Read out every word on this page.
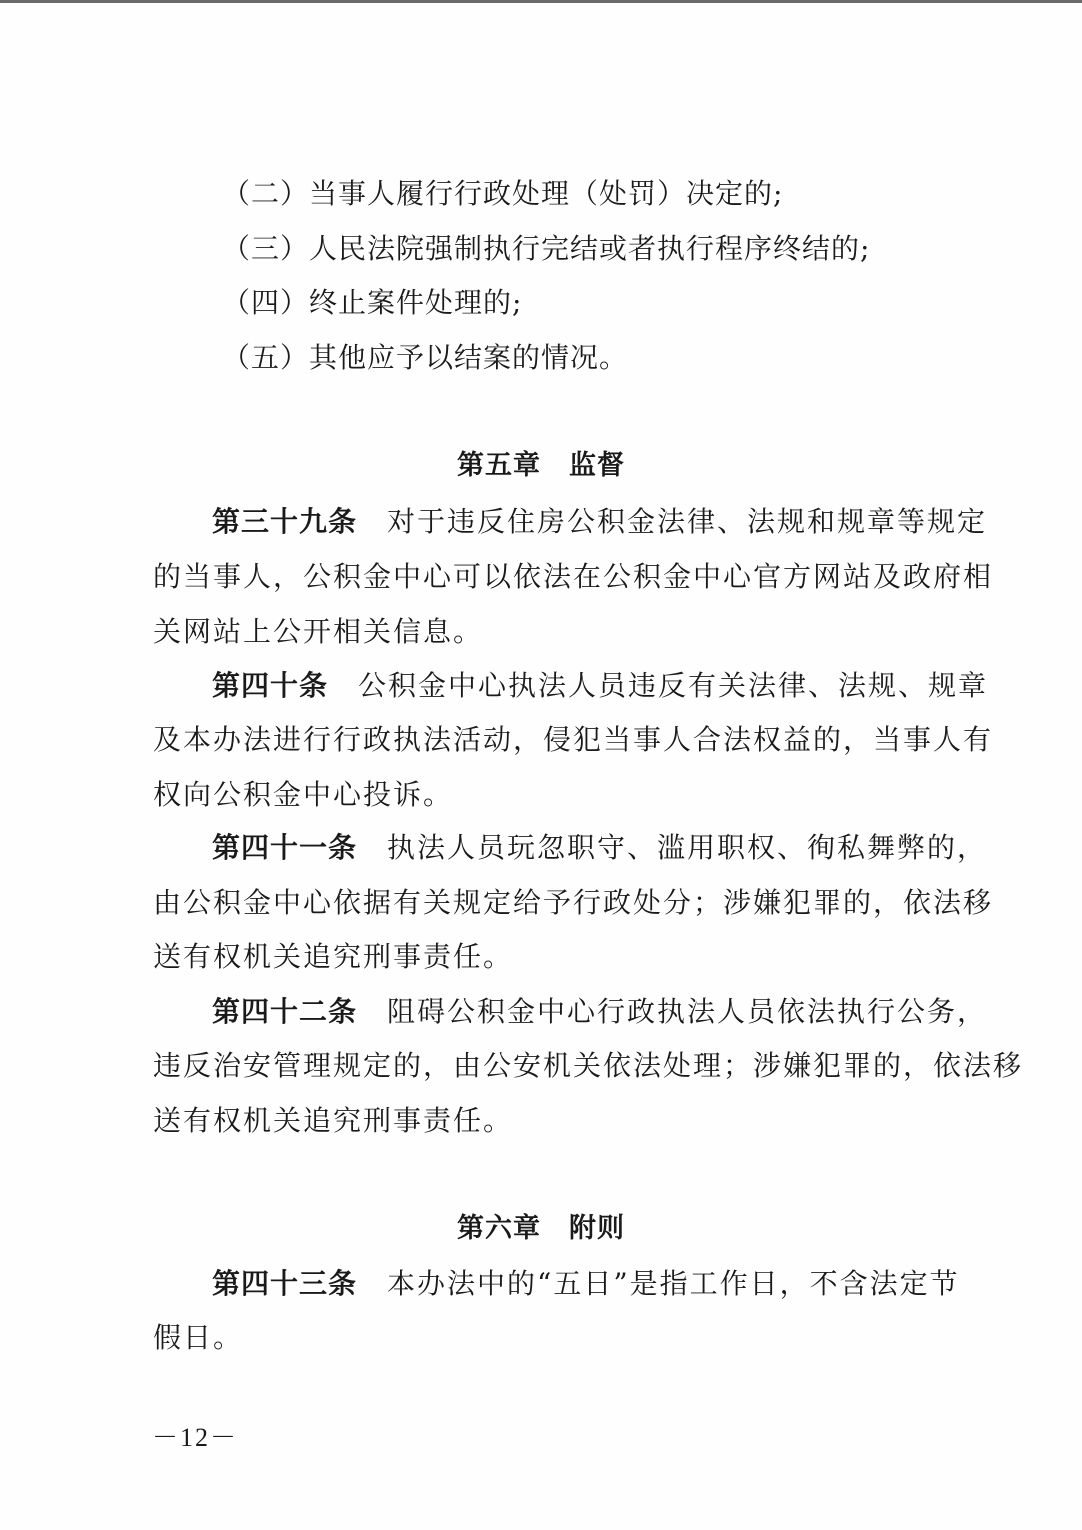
（二）当事人履行行政处理（处罚）决定的;
（三）人民法院强制执行完结或者执行程序终结的;
（四）终止案件处理的;
（五）其他应予以结案的情况。
第五章 监督
第三十九条 对于违反住房公积金法律、法规和规章等规定
的当事人，公积金中心可以依法在公积金中心官方网站及政府相
关网站上公开相关信息。
第四十条 公积金中心执法人员违反有关法律、法规、规章
及本办法进行行政执法活动，侵犯当事人合法权益的，当事人有
权向公积金中心投诉。
第四十一条 执法人员玩忽职守、滥用职权、徇私舞弊的，
由公积金中心依据有关规定给予行政处分；涉嫌犯罪的，依法移
送有权机关追究刑事责任。
第四十二条 阻碍公积金中心行政执法人员依法执行公务，
违反治安管理规定的，由公安机关依法处理；涉嫌犯罪的，依法移
送有权机关追究刑事责任。
第六章 附则
第四十三条 本办法中的“五日”是指工作日，不含法定节
假日。
－12－
